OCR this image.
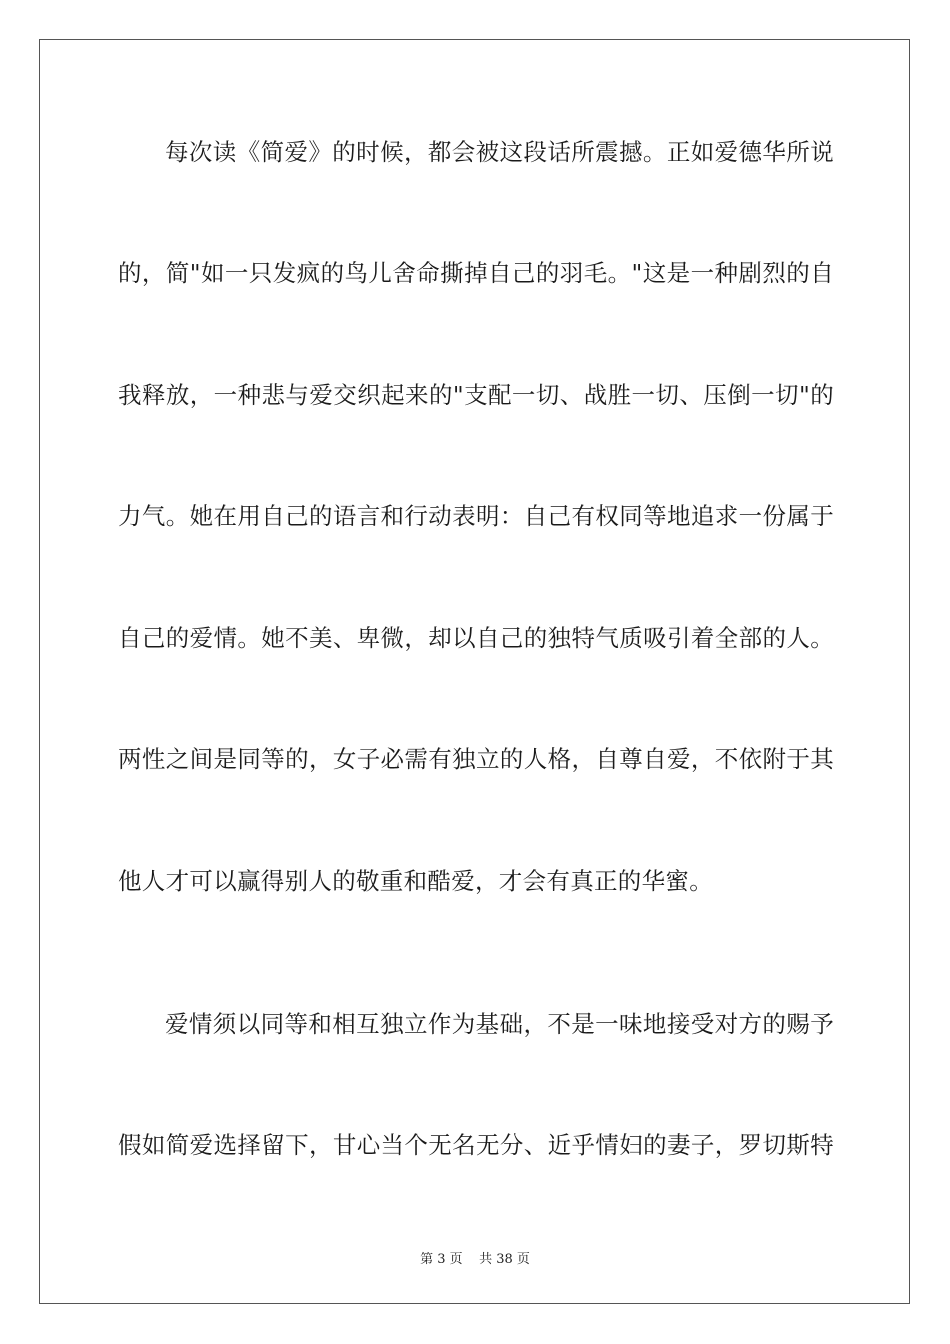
每次读《简爱》的时候，都会被这段话所震撼。正如爱德华所说
的，简"如一只发疯的鸟儿舍命撕掉自己的羽毛。"这是一种剧烈的自
我释放，一种悲与爱交织起来的"支配一切、战胜一切、压倒一切"的
力气。她在用自己的语言和行动表明：自己有权同等地追求一份属于
自己的爱情。她不美、卑微，却以自己的独特气质吸引着全部的人。
两性之间是同等的，女子必需有独立的人格，自尊自爱，不依附于其
他人才可以赢得别人的敬重和酷爱，才会有真正的华蜜。
爱情须以同等和相互独立作为基础，不是一味地接受对方的赐予
假如简爱选择留下，甘心当个无名无分、近乎情妇的妻子，罗切斯特
第 3 页    共 38 页
